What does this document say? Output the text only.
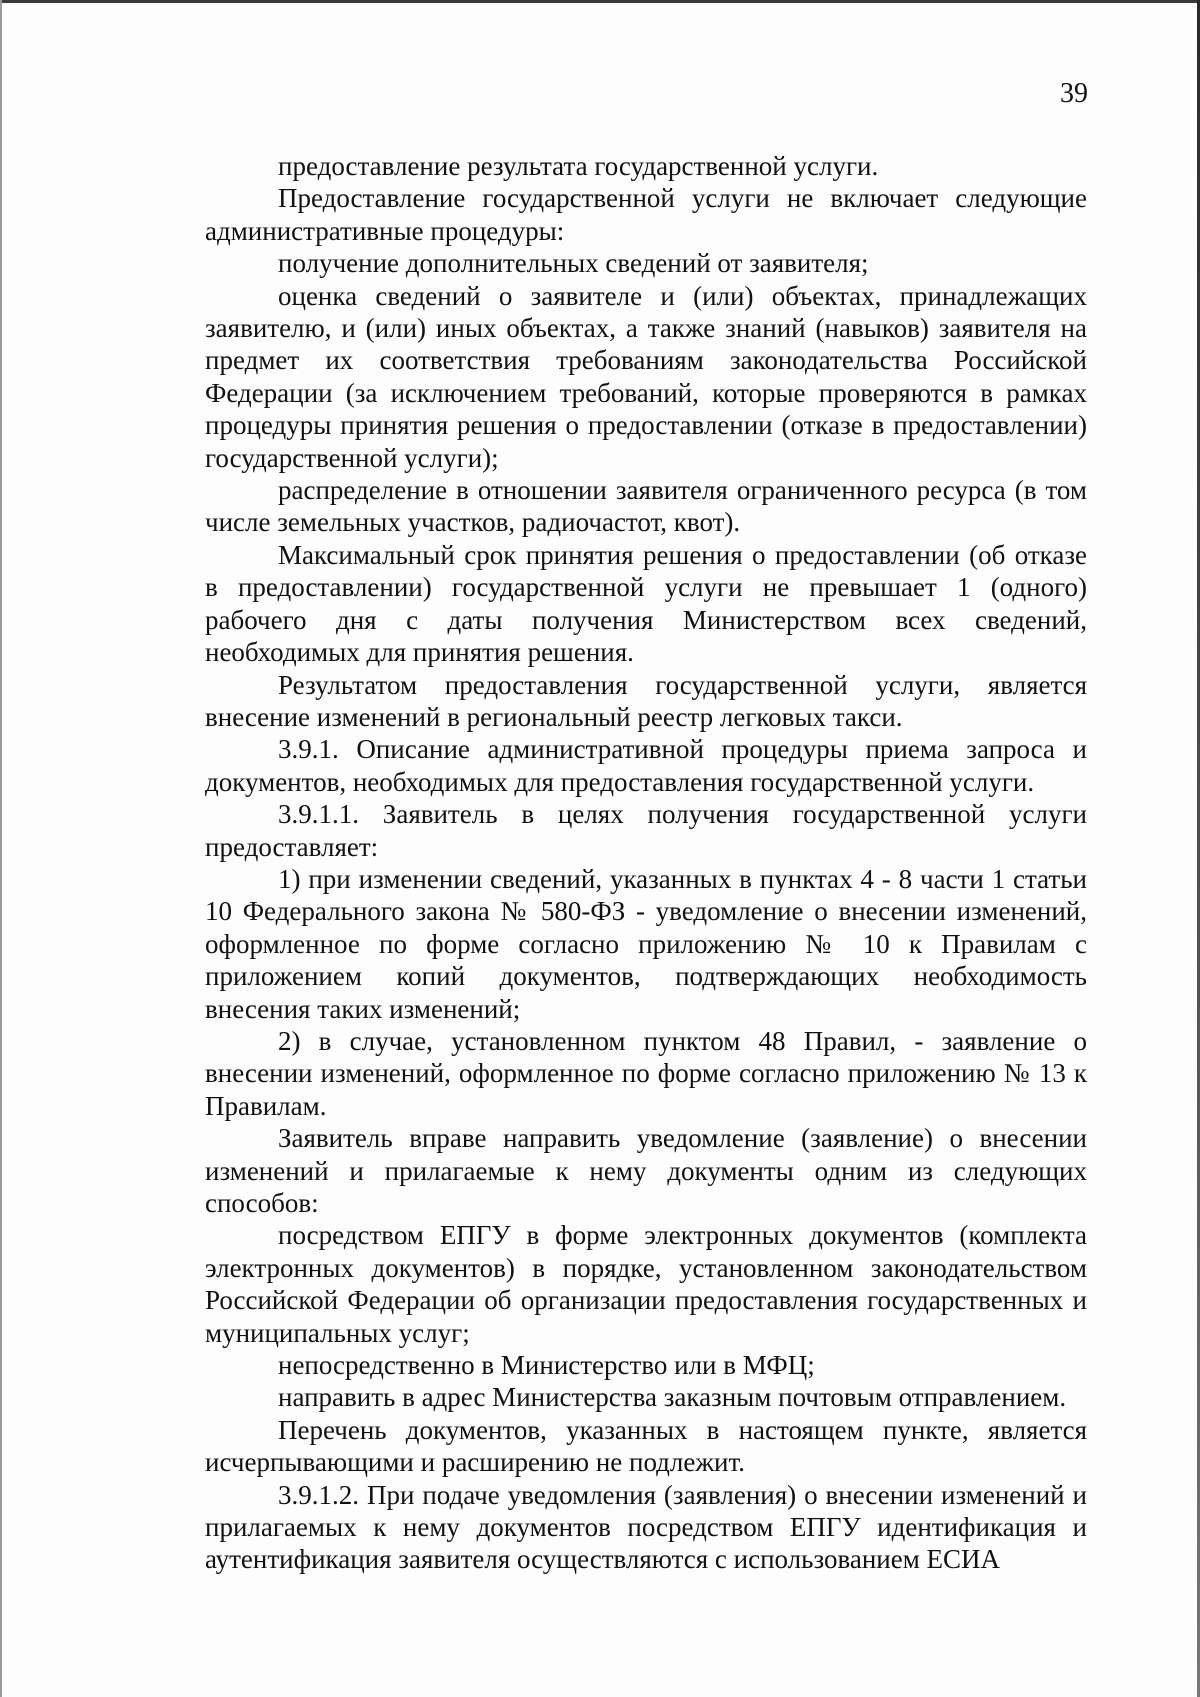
39

предоставление результата государственной услуги.

Предоставление государственной услуги не включает следующие административные процедуры:

получение дополнительных сведений от заявителя;

оценка сведений о заявителе и (или) объектах, принадлежащих заявителю, и (или) иных объектах, а также знаний (навыков) заявителя на предмет их соответствия требованиям законодательства Российской Федерации (за исключением требований, которые проверяются в рамках процедуры принятия решения о предоставлении (отказе в предоставлении) государственной услуги);

распределение в отношении заявителя ограниченного ресурса (в том числе земельных участков, радиочастот, квот).

Максимальный срок принятия решения о предоставлении (об отказе в предоставлении) государственной услуги не превышает 1 (одного) рабочего дня с даты получения Министерством всех сведений, необходимых для принятия решения.

Результатом предоставления государственной услуги, является внесение изменений в региональный реестр легковых такси.

3.9.1. Описание административной процедуры приема запроса и документов, необходимых для предоставления государственной услуги.

3.9.1.1. Заявитель в целях получения государственной услуги предоставляет:

1) при изменении сведений, указанных в пунктах 4 - 8 части 1 статьи 10 Федерального закона № 580-ФЗ - уведомление о внесении изменений, оформленное по форме согласно приложению № 10 к Правилам с приложением копий документов, подтверждающих необходимость внесения таких изменений;

2) в случае, установленном пунктом 48 Правил, - заявление о внесении изменений, оформленное по форме согласно приложению № 13 к Правилам.

Заявитель вправе направить уведомление (заявление) о внесении изменений и прилагаемые к нему документы одним из следующих способов:

посредством ЕПГУ в форме электронных документов (комплекта электронных документов) в порядке, установленном законодательством Российской Федерации об организации предоставления государственных и муниципальных услуг;

непосредственно в Министерство или в МФЦ;

направить в адрес Министерства заказным почтовым отправлением.

Перечень документов, указанных в настоящем пункте, является исчерпывающими и расширению не подлежит.

3.9.1.2. При подаче уведомления (заявления) о внесении изменений и прилагаемых к нему документов посредством ЕПГУ идентификация и аутентификация заявителя осуществляются с использованием ЕСИА
